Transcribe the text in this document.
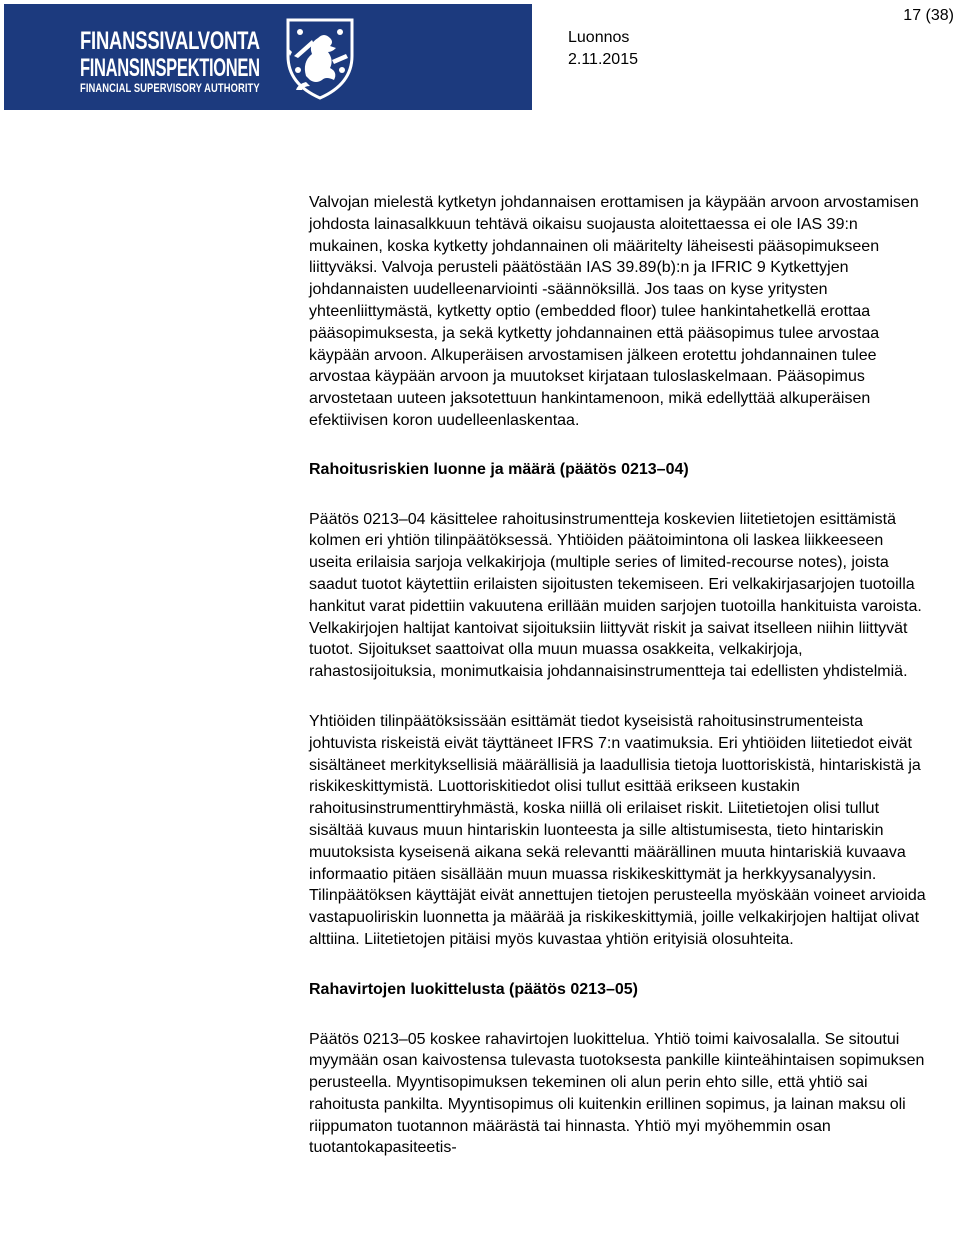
FINANSSIVALVONTA
FINANSINSPEKTIONEN
FINANCIAL SUPERVISORY AUTHORITY
Luonnos
2.11.2015
17 (38)

Valvojan mielestä kytketyn johdannaisen erottamisen ja käypään arvoon arvostamisen johdosta lainasalkkuun tehtävä oikaisu suojausta aloitettaessa ei ole IAS 39:n mukainen, koska kytketty johdannainen oli määritelty läheisesti pääsopimukseen liittyväksi. Valvoja perusteli päätöstään IAS 39.89(b):n ja IFRIC 9 Kytkettyjen johdannaisten uudelleenarviointi -säännöksillä. Jos taas on kyse yritysten yhteenliittymästä, kytketty optio (embedded floor) tulee hankintahetkellä erottaa pääsopimuksesta, ja sekä kytketty johdannainen että pääsopimus tulee arvostaa käypään arvoon. Alkuperäisen arvostamisen jälkeen erotettu johdannainen tulee arvostaa käypään arvoon ja muutokset kirjataan tuloslaskelmaan. Pääsopimus arvostetaan uuteen jaksotettuun hankintamenoon, mikä edellyttää alkuperäisen efektiivisen koron uudelleenlaskentaa.

Rahoitusriskien luonne ja määrä (päätös 0213–04)

Päätös 0213–04 käsittelee rahoitusinstrumentteja koskevien liitetietojen esittämistä kolmen eri yhtiön tilinpäätöksessä. Yhtiöiden päätoimintona oli laskea liikkeeseen useita erilaisia sarjoja velkakirjoja (multiple series of limited-recourse notes), joista saadut tuotot käytettiin erilaisten sijoitusten tekemiseen. Eri velkakirjasarjojen tuotoilla hankitut varat pidettiin vakuutena erillään muiden sarjojen tuotoilla hankituista varoista. Velkakirjojen haltijat kantoivat sijoituksiin liittyvät riskit ja saivat itselleen niihin liittyvät tuotot. Sijoitukset saattoivat olla muun muassa osakkeita, velkakirjoja, rahastosijoituksia, monimutkaisia johdannaisinstrumentteja tai edellisten yhdistelmiä.

Yhtiöiden tilinpäätöksissään esittämät tiedot kyseisistä rahoitusinstrumenteista johtuvista riskeistä eivät täyttäneet IFRS 7:n vaatimuksia. Eri yhtiöiden liitetiedot eivät sisältäneet merkityksellisiä määrällisiä ja laadullisia tietoja luottoriskistä, hintariskistä ja riskikeskittymistä. Luottoriskitiedot olisi tullut esittää erikseen kustakin rahoitusinstrumenttiryhmästä, koska niillä oli erilaiset riskit. Liitetietojen olisi tullut sisältää kuvaus muun hintariskin luonteesta ja sille altistumisesta, tieto hintariskin muutoksista kyseisenä aikana sekä relevantti määrällinen muuta hintariskiä kuvaava informaatio pitäen sisällään muun muassa riskikeskittymät ja herkkyysanalyysin. Tilinpäätöksen käyttäjät eivät annettujen tietojen perusteella myöskään voineet arvioida vastapuoliriskin luonnetta ja määrää ja riskikeskittymiä, joille velkakirjojen haltijat olivat alttiina. Liitetietojen pitäisi myös kuvastaa yhtiön erityisiä olosuhteita.

Rahavirtojen luokittelusta (päätös 0213–05)

Päätös 0213–05 koskee rahavirtojen luokittelua. Yhtiö toimi kaivosalalla. Se sitoutui myymään osan kaivostensa tulevasta tuotoksesta pankille kiinteähintaisen sopimuksen perusteella. Myyntisopimuksen tekeminen oli alun perin ehto sille, että yhtiö sai rahoitusta pankilta. Myyntisopimus oli kuitenkin erillinen sopimus, ja lainan maksu oli riippumaton tuotannon määrästä tai hinnasta. Yhtiö myi myöhemmin osan tuotantokapasiteetis-
